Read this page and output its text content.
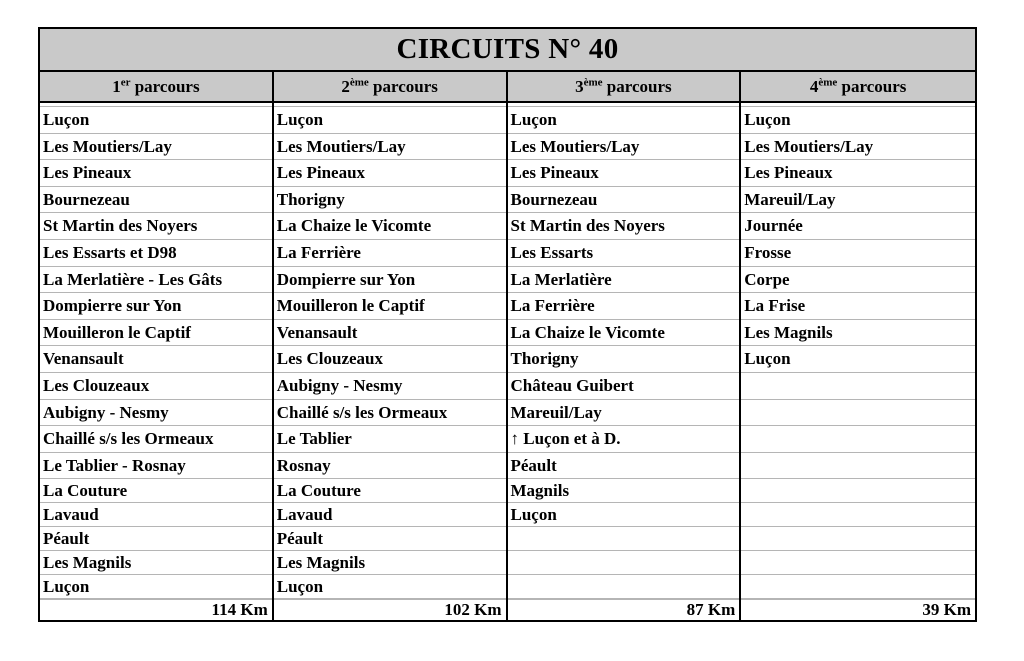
CIRCUITS N° 40
1er parcours
Luçon
Les Moutiers/Lay
Les Pineaux
Bournezeau
St Martin des Noyers
Les Essarts et D98
La Merlatière - Les Gâts
Dompierre sur Yon
Mouilleron le Captif
Venansault
Les Clouzeaux
Aubigny - Nesmy
Chaillé s/s les Ormeaux
Le Tablier - Rosnay
La Couture
Lavaud
Péault
Les Magnils
Luçon
114 Km
2ème parcours
Luçon
Les Moutiers/Lay
Les Pineaux
Thorigny
La Chaize le Vicomte
La Ferrière
Dompierre sur Yon
Mouilleron le Captif
Venansault
Les Clouzeaux
Aubigny - Nesmy
Chaillé s/s les Ormeaux
Le Tablier
Rosnay
La Couture
Lavaud
Péault
Les Magnils
Luçon
102 Km
3ème parcours
Luçon
Les Moutiers/Lay
Les Pineaux
Bournezeau
St Martin des Noyers
Les Essarts
La Merlatière
La Ferrière
La Chaize le Vicomte
Thorigny
Château Guibert
Mareuil/Lay
↑ Luçon et à D.
Péault
Magnils
Luçon
87 Km
4ème parcours
Luçon
Les Moutiers/Lay
Les Pineaux
Mareuil/Lay
Journée
Frosse
Corpe
La Frise
Les Magnils
Luçon
39 Km
